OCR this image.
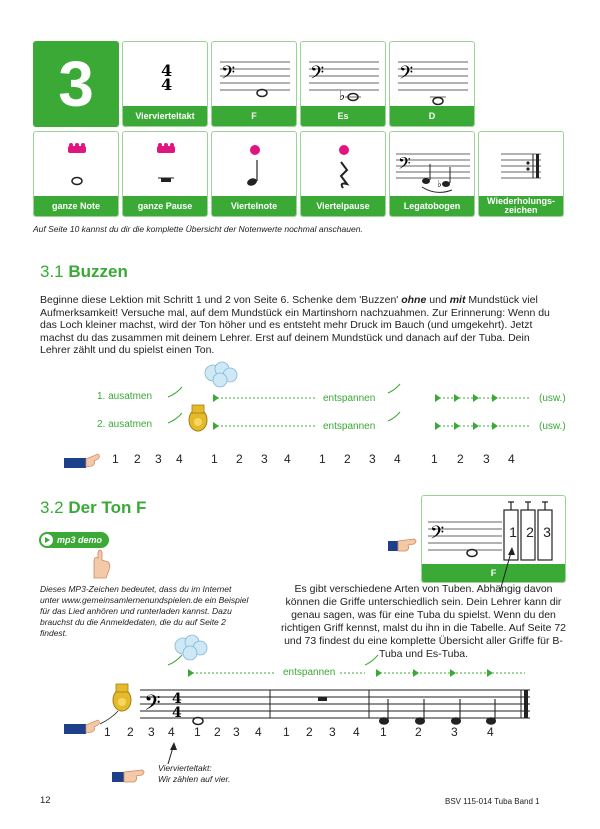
3	4
4
Viervierteltakt
𝄢
F
𝄢
♭
Es
𝄢
D
ganze Note	ganze Pause	Viertelnote	Viertelpause
𝄢
♭
Legatobogen	Wiederholungs-zeichen
Auf Seite 10 kannst du dir die komplette Übersicht der Notenwerte nochmal anschauen.
3.1 Buzzen
Beginne diese Lektion mit Schritt 1 und 2 von Seite 6. Schenke dem 'Buzzen' ohne und mit Mundstück viel Aufmerksamkeit! Versuche mal, auf dem Mundstück ein Martinshorn nachzuahmen. Zur Erinnerung: Wenn du das Loch kleiner machst, wird der Ton höher und es entsteht mehr Druck im Bauch (und umgekehrt). Jetzt machst du das zusammen mit deinem Lehrer. Erst auf deinem Mundstück und danach auf der Tuba. Dein Lehrer zählt und du spielst einen Ton.
1. ausatmen
2. ausatmen
entspannen
entspannen
(usw.)
(usw.)
1 2 3 4 1 2 3 4 1 2 3 4	1 2 3 4
3.2 Der Ton F
mp3 demo
Dieses MP3-Zeichen bedeutet, dass du im Internet unter www.gemeinsamlernenundspielen.de ein Beispiel für das Lied anhören und runterladen kannst. Dazu brauchst du die Anmeldedaten, die du auf Seite 2 findest.
𝄢	1 2 3
F
Es gibt verschiedene Arten von Tuben. Abhängig davon können die Griffe unterschiedlich sein. Dein Lehrer kann dir genau sagen, was für eine Tuba du spielst. Wenn du den richtigen Griff kennst, malst du ihn in die Tabelle. Auf Seite 72 und 73 findest du eine komplette Übersicht aller Griffe für B-Tuba und Es-Tuba.
entspannen
𝄢 4
4
1 2 3 4 1 2 3 4 1 2 3 4 1 2 3 4
Viervierteltakt:
Wir zählen auf vier.
12	BSV 115-014 Tuba Band 1
